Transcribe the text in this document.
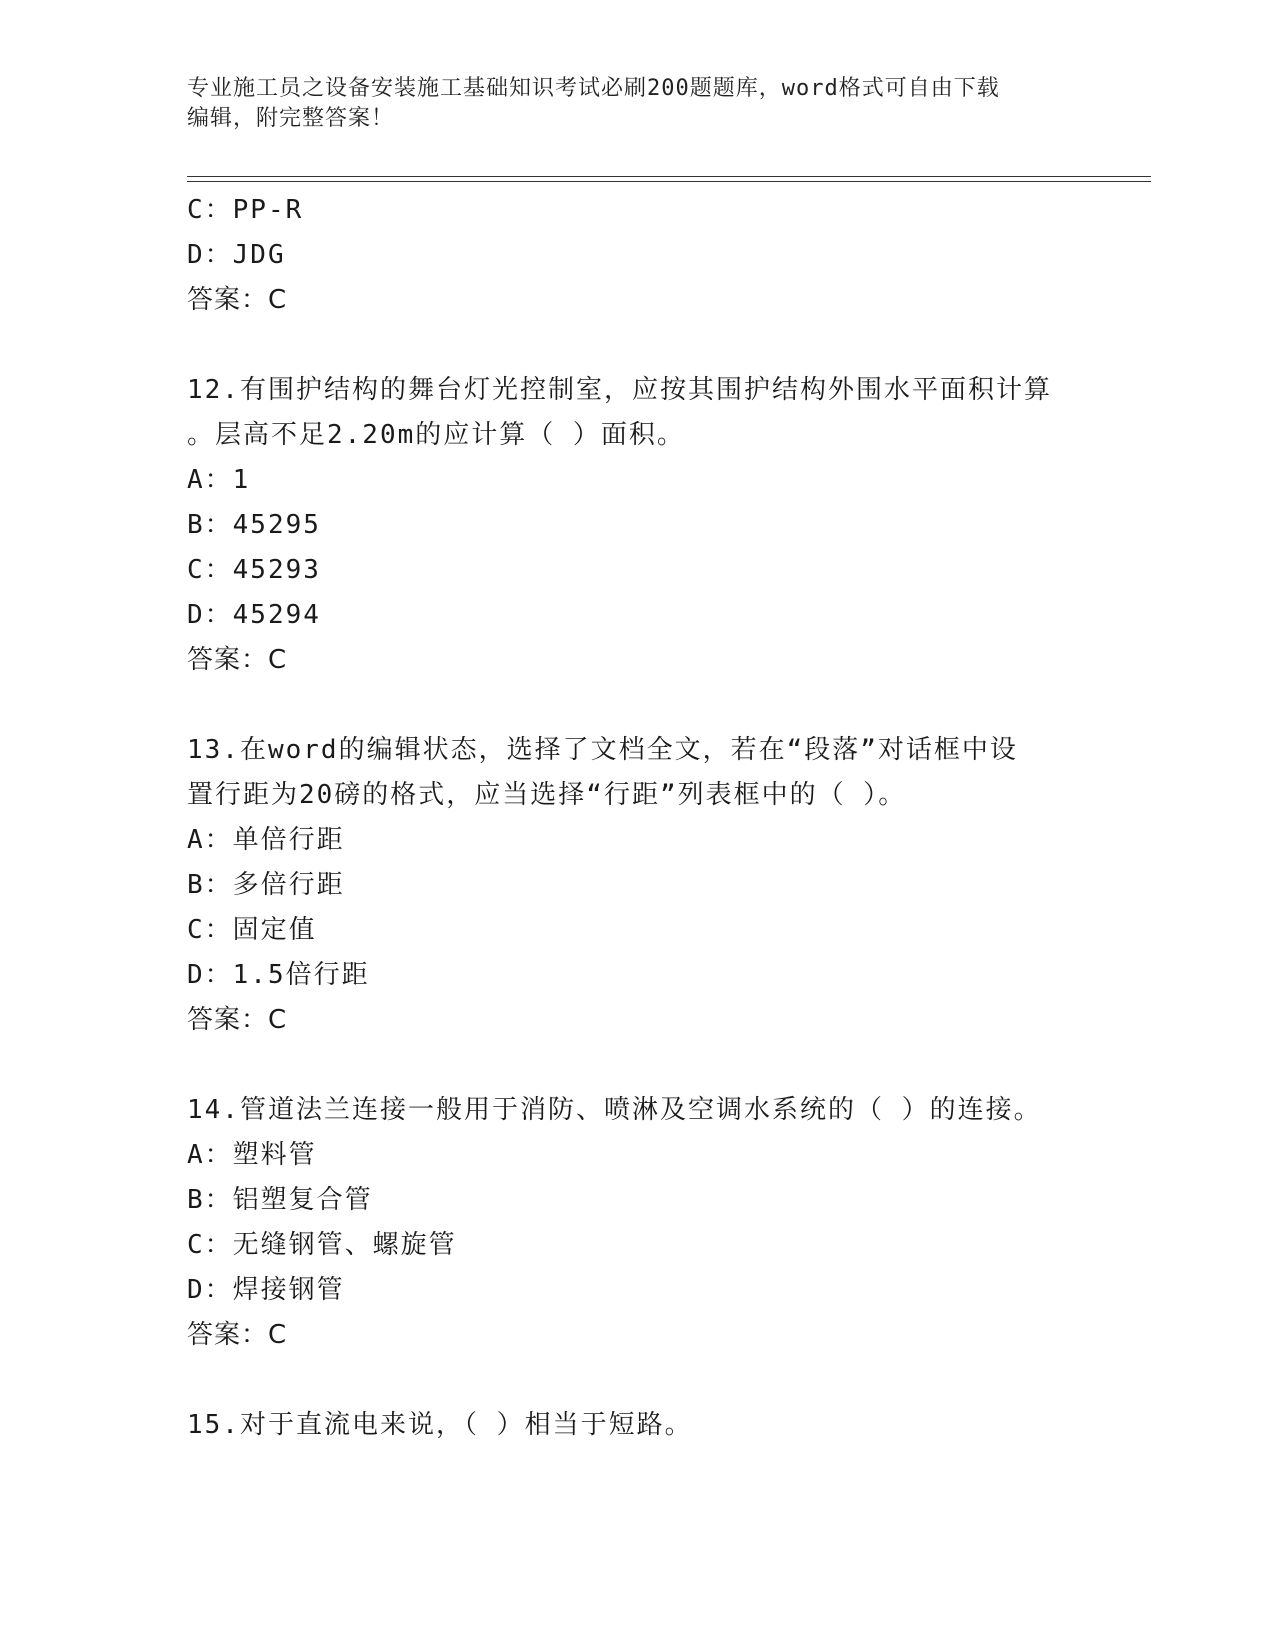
专业施工员之设备安装施工基础知识考试必刷200题题库，word格式可自由下载
编辑，附完整答案！
C：PP-R
D：JDG
答案：C
12.有围护结构的舞台灯光控制室，应按其围护结构外围水平面积计算
。层高不足2.20m的应计算（ ）面积。
A：1
B：45295
C：45293
D：45294
答案：C
13.在word的编辑状态，选择了文档全文，若在“段落”对话框中设
置行距为20磅的格式，应当选择“行距”列表框中的（ ）。
A：单倍行距
B：多倍行距
C：固定值
D：1.5倍行距
答案：C
14.管道法兰连接一般用于消防、喷淋及空调水系统的（ ）的连接。
A：塑料管
B：铝塑复合管
C：无缝钢管、螺旋管
D：焊接钢管
答案：C
15.对于直流电来说，（ ）相当于短路。
